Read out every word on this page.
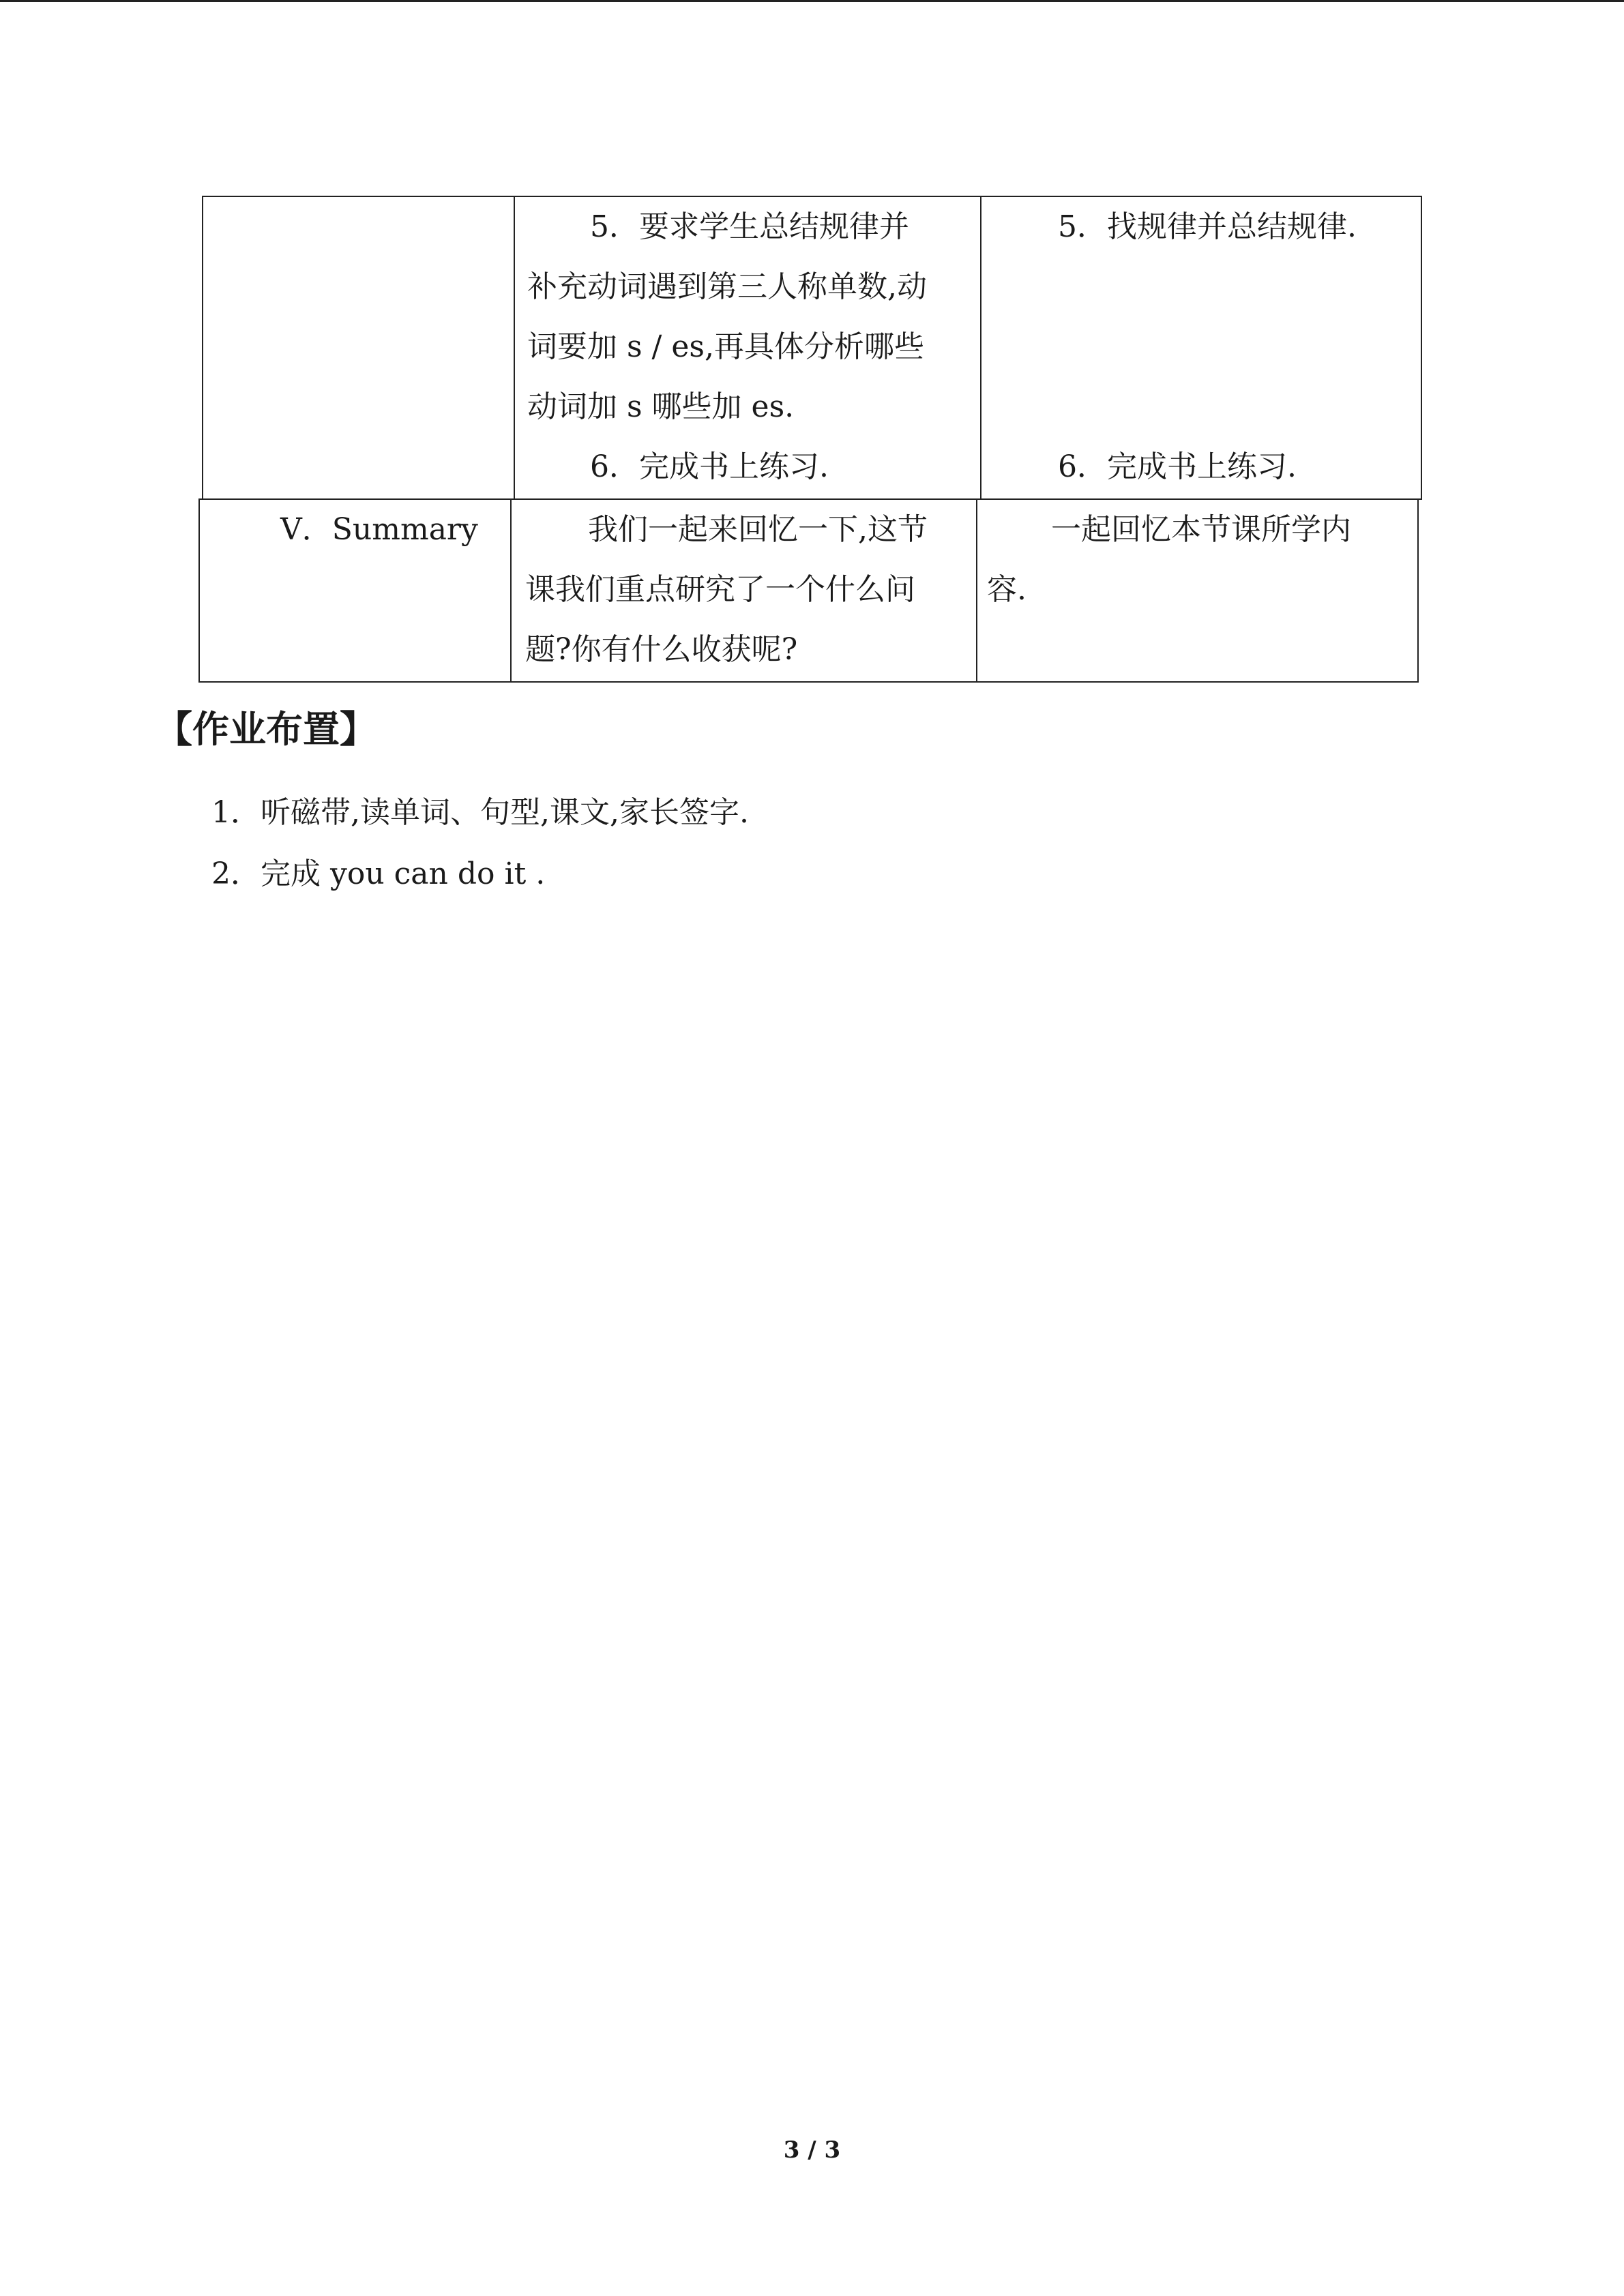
5．要求学生总结规律并
补充动词遇到第三人称单数,动
词要加 s / es,再具体分析哪些
动词加 s 哪些加 es.
6．完成书上练习.
5．找规律并总结规律.
6．完成书上练习.
Ⅴ．Summary	我们一起来回忆一下,这节
课我们重点研究了一个什么问
题?你有什么收获呢?
一起回忆本节课所学内
容.
【作业布置】
1．听磁带,读单词、句型,课文,家长签字.
2．完成 you can do it .
3 / 3
